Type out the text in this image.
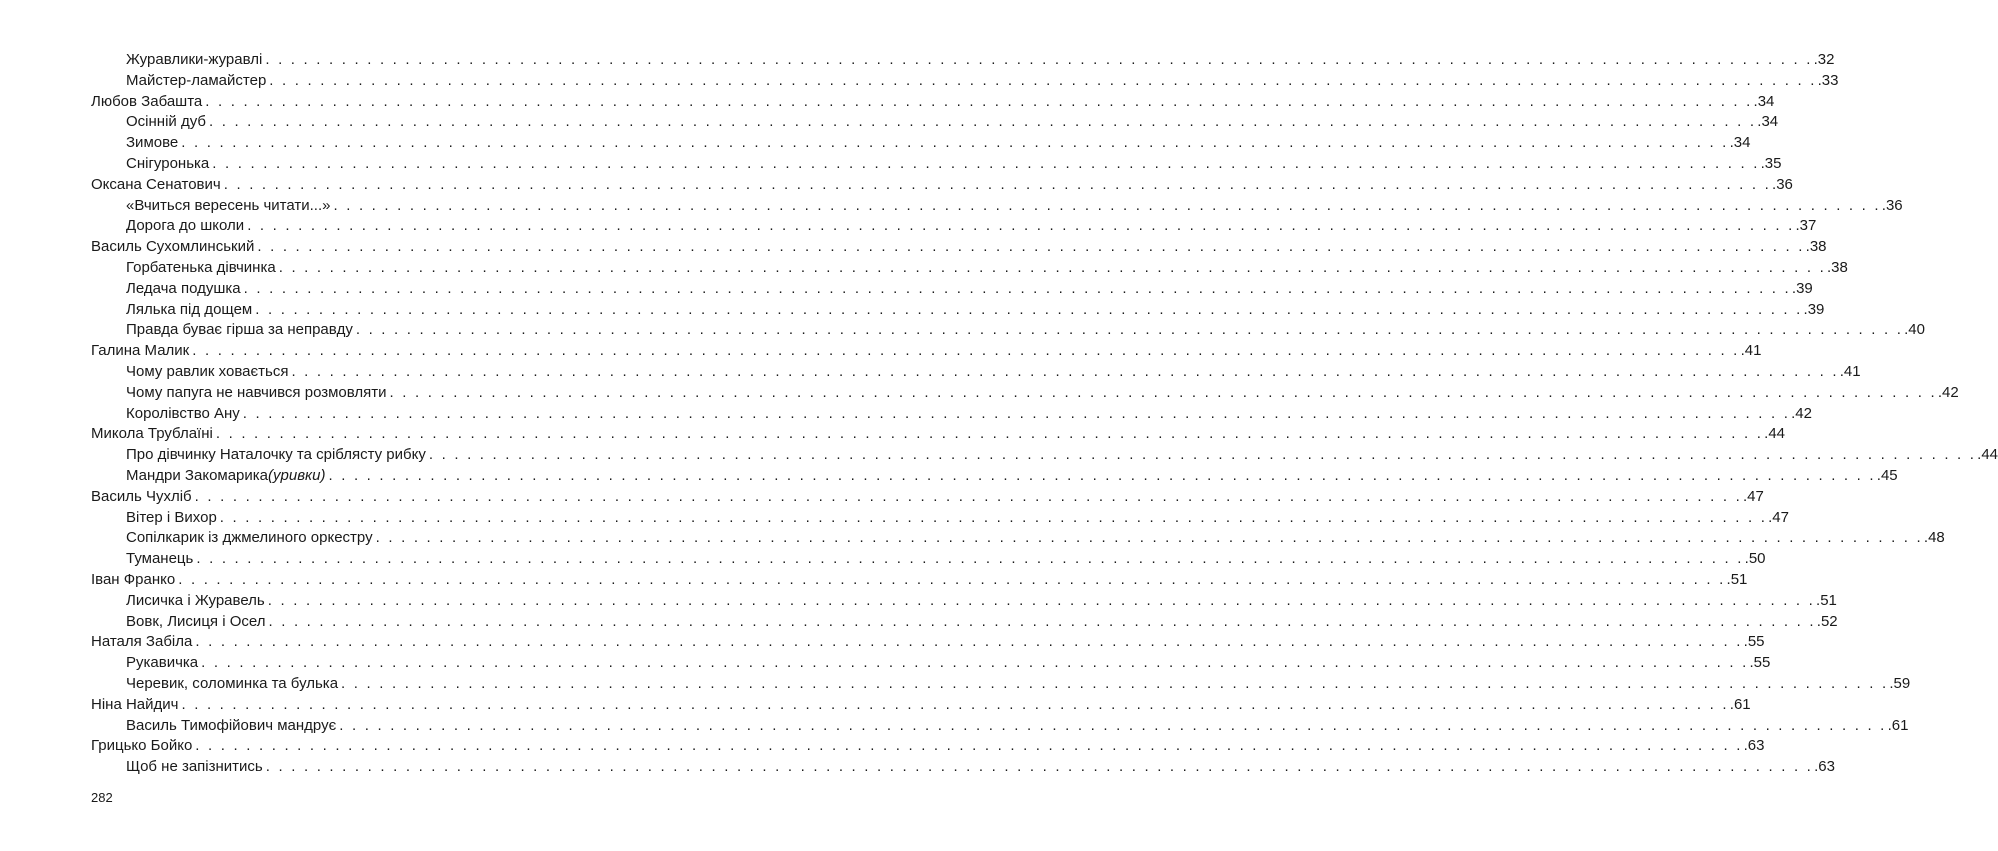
Журавлики-журавлі . . . . . . . . . . . . . . . . . . . . . . . . . . . . . . . . . . . . . . . . . . . . . . . . . . . . . . . . . . . . . . . . . . . . . . . . . . . . . . . . . . . . . . . . . . . . . . . . . . . . . . . . . . . . . . . . . . . . . . . . . . .32
Майстер-ламайстер . . . . . . . . . . . . . . . . . . . . . . . . . . . . . . . . . . . . . . . . . . . . . . . . . . . . . . . . . . . . . . . . . . . . . . . . . . . . . . . . . . . . . . . . . . . . . . . . . . . . . . . . . . . . . . . . . . . . . . . . . . .33
Любов Забашта . . . . . . . . . . . . . . . . . . . . . . . . . . . . . . . . . . . . . . . . . . . . . . . . . . . . . . . . . . . . . . . . . . . . . . . . . . . . . . . . . . . . . . . . . . . . . . . . . . . . . . . . . . . . . . . . . . . . . . . . . . .34
Осінній дуб . . . . . . . . . . . . . . . . . . . . . . . . . . . . . . . . . . . . . . . . . . . . . . . . . . . . . . . . . . . . . . . . . . . . . . . . . . . . . . . . . . . . . . . . . . . . . . . . . . . . . . . . . . . . . . . . . . . . . . . . . . .34
Зимове . . . . . . . . . . . . . . . . . . . . . . . . . . . . . . . . . . . . . . . . . . . . . . . . . . . . . . . . . . . . . . . . . . . . . . . . . . . . . . . . . . . . . . . . . . . . . . . . . . . . . . . . . . . . . . . . . . . . . . . . . . .34
Снігуронька . . . . . . . . . . . . . . . . . . . . . . . . . . . . . . . . . . . . . . . . . . . . . . . . . . . . . . . . . . . . . . . . . . . . . . . . . . . . . . . . . . . . . . . . . . . . . . . . . . . . . . . . . . . . . . . . . . . . . . . . . . .35
Оксана Сенатович . . . . . . . . . . . . . . . . . . . . . . . . . . . . . . . . . . . . . . . . . . . . . . . . . . . . . . . . . . . . . . . . . . . . . . . . . . . . . . . . . . . . . . . . . . . . . . . . . . . . . . . . . . . . . . . . . . . . . . . . . . .36
«Вчиться вересень читати...» . . . . . . . . . . . . . . . . . . . . . . . . . . . . . . . . . . . . . . . . . . . . . . . . . . . . . . . . . . . . . . . . . . . . . . . . . . . . . . . . . . . . . . . . . . . . . . . . . . . . . . . . . . . . . . . . . . . . . . . . . . .36
Дорога до школи . . . . . . . . . . . . . . . . . . . . . . . . . . . . . . . . . . . . . . . . . . . . . . . . . . . . . . . . . . . . . . . . . . . . . . . . . . . . . . . . . . . . . . . . . . . . . . . . . . . . . . . . . . . . . . . . . . . . . . . . . . .37
Василь Сухомлинський . . . . . . . . . . . . . . . . . . . . . . . . . . . . . . . . . . . . . . . . . . . . . . . . . . . . . . . . . . . . . . . . . . . . . . . . . . . . . . . . . . . . . . . . . . . . . . . . . . . . . . . . . . . . . . . . . . . . . . . . . . .38
Горбатенька дівчинка . . . . . . . . . . . . . . . . . . . . . . . . . . . . . . . . . . . . . . . . . . . . . . . . . . . . . . . . . . . . . . . . . . . . . . . . . . . . . . . . . . . . . . . . . . . . . . . . . . . . . . . . . . . . . . . . . . . . . . . . . . .38
Ледача подушка . . . . . . . . . . . . . . . . . . . . . . . . . . . . . . . . . . . . . . . . . . . . . . . . . . . . . . . . . . . . . . . . . . . . . . . . . . . . . . . . . . . . . . . . . . . . . . . . . . . . . . . . . . . . . . . . . . . . . . . . . . .39
Лялька під дощем . . . . . . . . . . . . . . . . . . . . . . . . . . . . . . . . . . . . . . . . . . . . . . . . . . . . . . . . . . . . . . . . . . . . . . . . . . . . . . . . . . . . . . . . . . . . . . . . . . . . . . . . . . . . . . . . . . . . . . . . . . .39
Правда буває гірша за неправду . . . . . . . . . . . . . . . . . . . . . . . . . . . . . . . . . . . . . . . . . . . . . . . . . . . . . . . . . . . . . . . . . . . . . . . . . . . . . . . . . . . . . . . . . . . . . . . . . . . . . . . . . . . . . . . . . . . . . . . . . . .40
Галина Малик . . . . . . . . . . . . . . . . . . . . . . . . . . . . . . . . . . . . . . . . . . . . . . . . . . . . . . . . . . . . . . . . . . . . . . . . . . . . . . . . . . . . . . . . . . . . . . . . . . . . . . . . . . . . . . . . . . . . . . . . . . .41
Чому равлик ховається . . . . . . . . . . . . . . . . . . . . . . . . . . . . . . . . . . . . . . . . . . . . . . . . . . . . . . . . . . . . . . . . . . . . . . . . . . . . . . . . . . . . . . . . . . . . . . . . . . . . . . . . . . . . . . . . . . . . . . . . . . .41
Чому папуга не навчився розмовляти . . . . . . . . . . . . . . . . . . . . . . . . . . . . . . . . . . . . . . . . . . . . . . . . . . . . . . . . . . . . . . . . . . . . . . . . . . . . . . . . . . . . . . . . . . . . . . . . . . . . . . . . . . . . . . . . . . . . . . . . . . .42
Королівство Ану . . . . . . . . . . . . . . . . . . . . . . . . . . . . . . . . . . . . . . . . . . . . . . . . . . . . . . . . . . . . . . . . . . . . . . . . . . . . . . . . . . . . . . . . . . . . . . . . . . . . . . . . . . . . . . . . . . . . . . . . . . .42
Микола Трублаїні . . . . . . . . . . . . . . . . . . . . . . . . . . . . . . . . . . . . . . . . . . . . . . . . . . . . . . . . . . . . . . . . . . . . . . . . . . . . . . . . . . . . . . . . . . . . . . . . . . . . . . . . . . . . . . . . . . . . . . . . . . .44
Про дівчинку Наталочку та сріблясту рибку . . . . . . . . . . . . . . . . . . . . . . . . . . . . . . . . . . . . . . . . . . . . . . . . . . . . . . . . . . . . . . . . . . . . . . . . . . . . . . . . . . . . . . . . . . . . . . . . . . . . . . . . . . . . . . . . . . . . . . . . . . .44
Мандри Закомарика (уривки) . . . . . . . . . . . . . . . . . . . . . . . . . . . . . . . . . . . . . . . . . . . . . . . . . . . . . . . . . . . . . . . . . . . . . . . . . . . . . . . . . . . . . . . . . . . . . . . . . . . . . . . . . . . . . . . . . . . . . . . . . . .45
Василь Чухліб . . . . . . . . . . . . . . . . . . . . . . . . . . . . . . . . . . . . . . . . . . . . . . . . . . . . . . . . . . . . . . . . . . . . . . . . . . . . . . . . . . . . . . . . . . . . . . . . . . . . . . . . . . . . . . . . . . . . . . . . . . .47
Вітер і Вихор . . . . . . . . . . . . . . . . . . . . . . . . . . . . . . . . . . . . . . . . . . . . . . . . . . . . . . . . . . . . . . . . . . . . . . . . . . . . . . . . . . . . . . . . . . . . . . . . . . . . . . . . . . . . . . . . . . . . . . . . . . .47
Сопілкарик із джмелиного оркестру . . . . . . . . . . . . . . . . . . . . . . . . . . . . . . . . . . . . . . . . . . . . . . . . . . . . . . . . . . . . . . . . . . . . . . . . . . . . . . . . . . . . . . . . . . . . . . . . . . . . . . . . . . . . . . . . . . . . . . . . . . .48
Туманець . . . . . . . . . . . . . . . . . . . . . . . . . . . . . . . . . . . . . . . . . . . . . . . . . . . . . . . . . . . . . . . . . . . . . . . . . . . . . . . . . . . . . . . . . . . . . . . . . . . . . . . . . . . . . . . . . . . . . . . . . . .50
Іван Франко . . . . . . . . . . . . . . . . . . . . . . . . . . . . . . . . . . . . . . . . . . . . . . . . . . . . . . . . . . . . . . . . . . . . . . . . . . . . . . . . . . . . . . . . . . . . . . . . . . . . . . . . . . . . . . . . . . . . . . . . . . .51
Лисичка і Журавель . . . . . . . . . . . . . . . . . . . . . . . . . . . . . . . . . . . . . . . . . . . . . . . . . . . . . . . . . . . . . . . . . . . . . . . . . . . . . . . . . . . . . . . . . . . . . . . . . . . . . . . . . . . . . . . . . . . . . . . . . . .51
Вовк, Лисиця і Осел . . . . . . . . . . . . . . . . . . . . . . . . . . . . . . . . . . . . . . . . . . . . . . . . . . . . . . . . . . . . . . . . . . . . . . . . . . . . . . . . . . . . . . . . . . . . . . . . . . . . . . . . . . . . . . . . . . . . . . . . . . .52
Наталя Забіла . . . . . . . . . . . . . . . . . . . . . . . . . . . . . . . . . . . . . . . . . . . . . . . . . . . . . . . . . . . . . . . . . . . . . . . . . . . . . . . . . . . . . . . . . . . . . . . . . . . . . . . . . . . . . . . . . . . . . . . . . . .55
Рукавичка . . . . . . . . . . . . . . . . . . . . . . . . . . . . . . . . . . . . . . . . . . . . . . . . . . . . . . . . . . . . . . . . . . . . . . . . . . . . . . . . . . . . . . . . . . . . . . . . . . . . . . . . . . . . . . . . . . . . . . . . . . .55
Черевик, соломинка та булька . . . . . . . . . . . . . . . . . . . . . . . . . . . . . . . . . . . . . . . . . . . . . . . . . . . . . . . . . . . . . . . . . . . . . . . . . . . . . . . . . . . . . . . . . . . . . . . . . . . . . . . . . . . . . . . . . . . . . . . . . . .59
Ніна Найдич . . . . . . . . . . . . . . . . . . . . . . . . . . . . . . . . . . . . . . . . . . . . . . . . . . . . . . . . . . . . . . . . . . . . . . . . . . . . . . . . . . . . . . . . . . . . . . . . . . . . . . . . . . . . . . . . . . . . . . . . . . .61
Василь Тимофійович мандрує . . . . . . . . . . . . . . . . . . . . . . . . . . . . . . . . . . . . . . . . . . . . . . . . . . . . . . . . . . . . . . . . . . . . . . . . . . . . . . . . . . . . . . . . . . . . . . . . . . . . . . . . . . . . . . . . . . . . . . . . . . .61
Грицько Бойко . . . . . . . . . . . . . . . . . . . . . . . . . . . . . . . . . . . . . . . . . . . . . . . . . . . . . . . . . . . . . . . . . . . . . . . . . . . . . . . . . . . . . . . . . . . . . . . . . . . . . . . . . . . . . . . . . . . . . . . . . . .63
Щоб не запізнитись . . . . . . . . . . . . . . . . . . . . . . . . . . . . . . . . . . . . . . . . . . . . . . . . . . . . . . . . . . . . . . . . . . . . . . . . . . . . . . . . . . . . . . . . . . . . . . . . . . . . . . . . . . . . . . . . . . . . . . . . . . .63
282
